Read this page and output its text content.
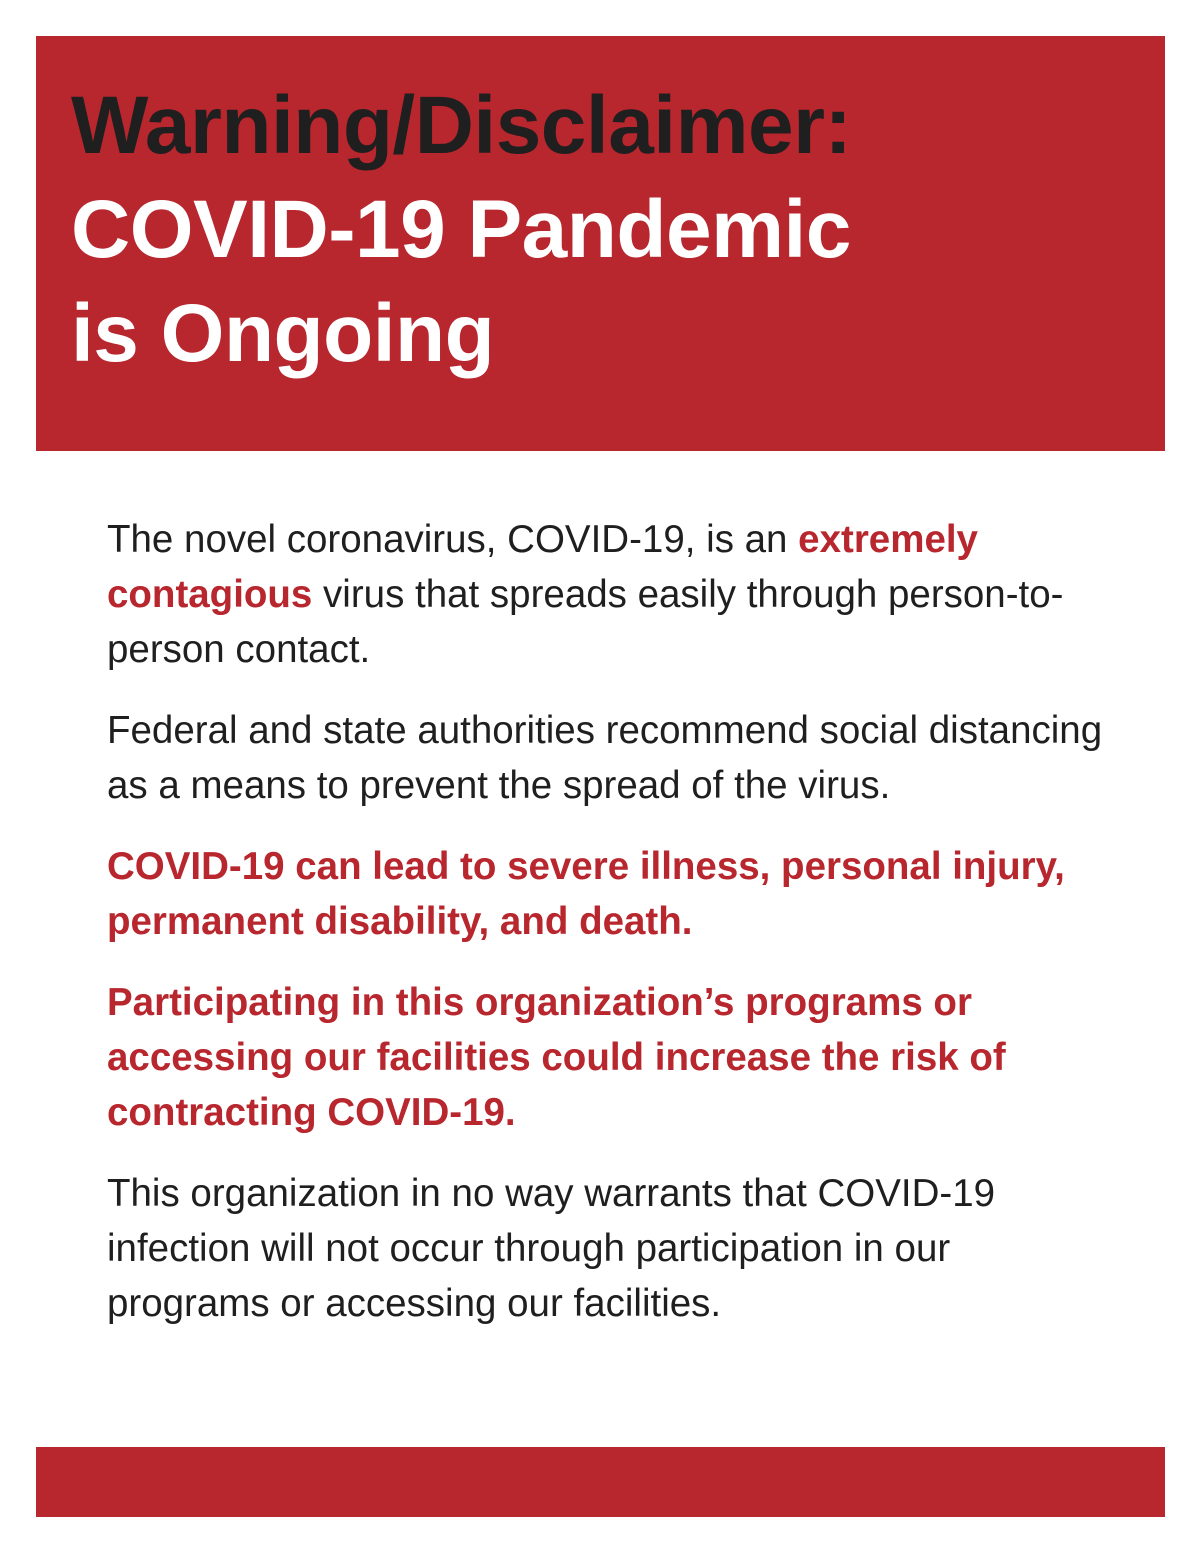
Warning/Disclaimer:
COVID-19 Pandemic
is Ongoing

The novel coronavirus, COVID-19, is an extremely contagious virus that spreads easily through person-to-person contact.

Federal and state authorities recommend social distancing as a means to prevent the spread of the virus.

COVID-19 can lead to severe illness, personal injury, permanent disability, and death.

Participating in this organization’s programs or accessing our facilities could increase the risk of contracting COVID-19.

This organization in no way warrants that COVID-19 infection will not occur through participation in our programs or accessing our facilities.
